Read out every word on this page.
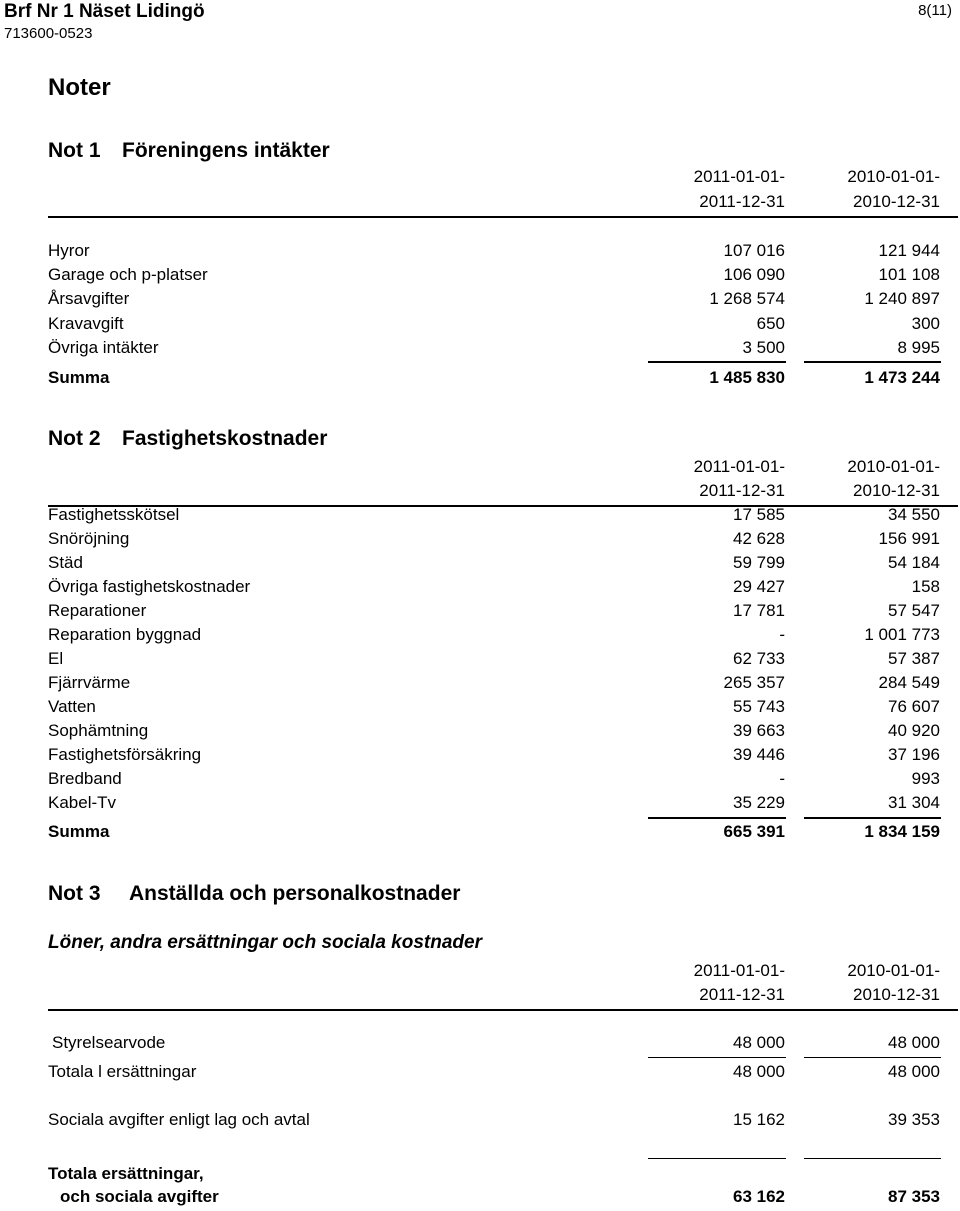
Brf Nr 1 Näset Lidingö
713600-0523
8(11)
Noter
Not 1 Föreningens intäkter
2011-01-01-	2010-01-01-
2011-12-31	2010-12-31
Hyror	107 016	121 944
Garage och p-platser	106 090	101 108
Årsavgifter	1 268 574	1 240 897
Kravavgift	650	300
Övriga intäkter	3 500	8 995
Summa	1 485 830	1 473 244
Not 2 Fastighetskostnader
2011-01-01-	2010-01-01-
2011-12-31	2010-12-31
Fastighetsskötsel	17 585	34 550
Snöröjning	42 628	156 991
Städ	59 799	54 184
Övriga fastighetskostnader	29 427	158
Reparationer	17 781	57 547
Reparation byggnad	-	1 001 773
El	62 733	57 387
Fjärrvärme	265 357	284 549
Vatten	55 743	76 607
Sophämtning	39 663	40 920
Fastighetsförsäkring	39 446	37 196
Bredband	-	993
Kabel-Tv	35 229	31 304
Summa	665 391	1 834 159
Not 3 Anställda och personalkostnader
Löner, andra ersättningar och sociala kostnader
2011-01-01-	2010-01-01-
2011-12-31	2010-12-31
Styrelsearvode	48 000	48 000
Totala l ersättningar	48 000	48 000
Sociala avgifter enligt lag och avtal	15 162	39 353
Totala ersättningar,
och sociala avgifter	63 162	87 353
